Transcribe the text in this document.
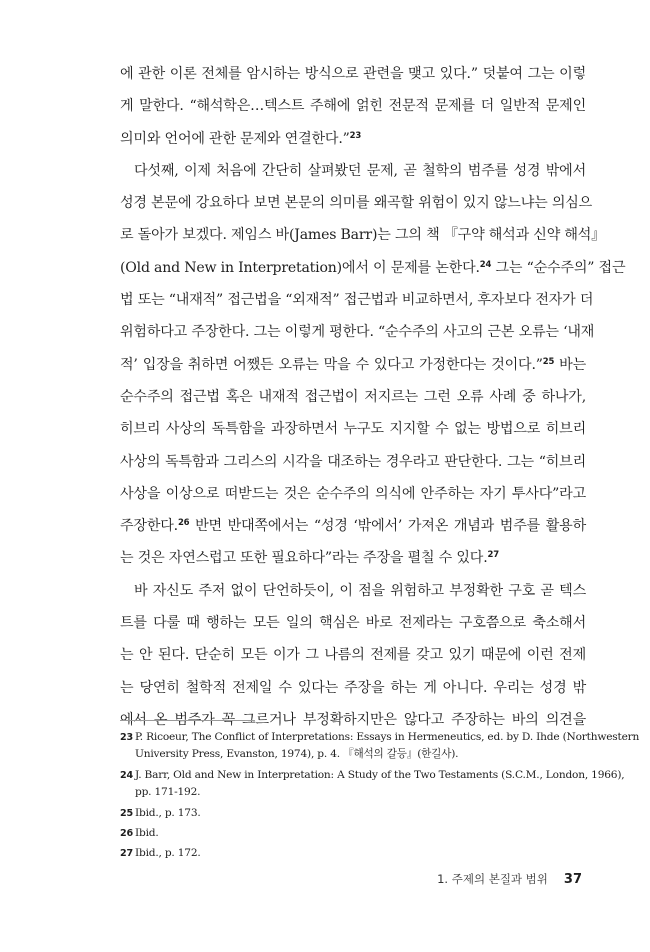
에 관한 이론 전체를 암시하는 방식으로 관련을 맺고 있다.” 덧붙여 그는 이렇
게 말한다. “해석학은…텍스트 주해에 얽힌 전문적 문제를 더 일반적 문제인
의미와 언어에 관한 문제와 연결한다.”$^{23}$
다섯째, 이제 처음에 간단히 살펴봤던 문제, 곧 철학의 범주를 성경 밖에서
성경 본문에 강요하다 보면 본문의 의미를 왜곡할 위험이 있지 않느냐는 의심으
로 돌아가 보겠다. 제임스 바(James Barr)는 그의 책 『구약 해석과 신약 해석』
(Old and New in Interpretation)에서 이 문제를 논한다.$^{24}$ 그는 “순수주의” 접근
법 또는 “내재적” 접근법을 “외재적” 접근법과 비교하면서, 후자보다 전자가 더
위험하다고 주장한다. 그는 이렇게 평한다. “순수주의 사고의 근본 오류는 ‘내재
적’ 입장을 취하면 어쨌든 오류는 막을 수 있다고 가정한다는 것이다.”$^{25}$ 바는
순수주의 접근법 혹은 내재적 접근법이 저지르는 그런 오류 사례 중 하나가,
히브리 사상의 독특함을 과장하면서 누구도 지지할 수 없는 방법으로 히브리
사상의 독특함과 그리스의 시각을 대조하는 경우라고 판단한다. 그는 “히브리
사상을 이상으로 떠받드는 것은 순수주의 의식에 안주하는 자기 투사다”라고
주장한다.$^{26}$ 반면 반대쪽에서는 “성경 ‘밖에서’ 가져온 개념과 범주를 활용하
는 것은 자연스럽고 또한 필요하다”라는 주장을 펼칠 수 있다.$^{27}$
바 자신도 주저 없이 단언하듯이, 이 점을 위험하고 부정확한 구호 곧 텍스
트를 다룰 때 행하는 모든 일의 핵심은 바로 전제라는 구호쯤으로 축소해서
는 안 된다. 단순히 모든 이가 그 나름의 전제를 갖고 있기 때문에 이런 전제
는 당연히 철학적 전제일 수 있다는 주장을 하는 게 아니다. 우리는 성경 밖
에서 온 범주가 꼭 그르거나 부정확하지만은 않다고 주장하는 바의 의견을
23 P. Ricoeur, The Conflict of Interpretations: Essays in Hermeneutics, ed. by D. Ihde (Northwestern
University Press, Evanston, 1974), p. 4. 『해석의 갈등』(한길사).
24 J. Barr, Old and New in Interpretation: A Study of the Two Testaments (S.C.M., London, 1966),
pp. 171-192.
25 Ibid., p. 173.
26 Ibid.
27 Ibid., p. 172.
1. 주제의 본질과 범위 37
